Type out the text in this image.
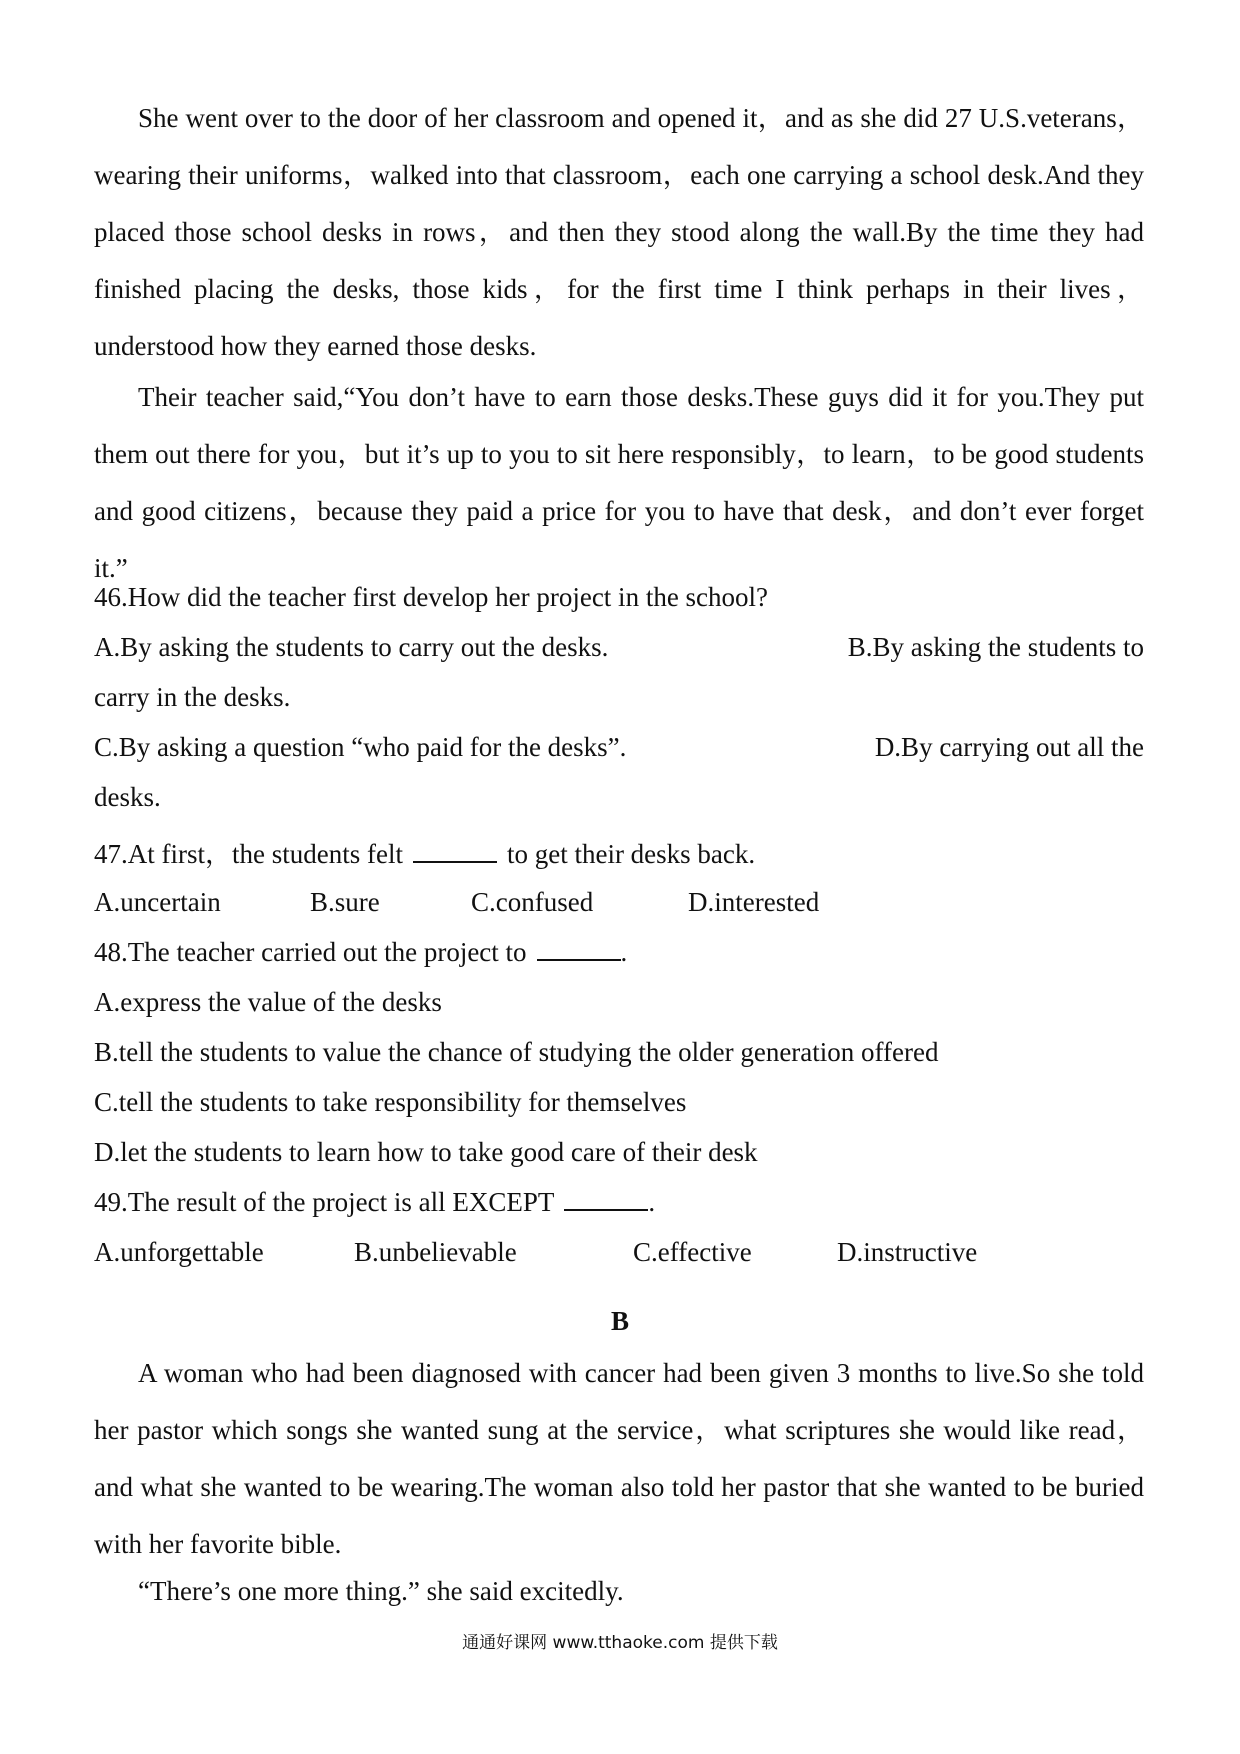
She went over to the door of her classroom and opened it，and as she did 27 U.S.veterans，wearing their uniforms，walked into that classroom，each one carrying a school desk.And they placed those school desks in rows，and then they stood along the wall.By the time they had finished placing the desks, those kids，for the first time I think perhaps in their lives，understood how they earned those desks.

Their teacher said,“You don’t have to earn those desks.These guys did it for you.They put them out there for you，but it’s up to you to sit here responsibly，to learn，to be good students and good citizens，because they paid a price for you to have that desk，and don’t ever forget it.”

46.How did the teacher first develop her project in the school?
A.By asking the students to carry out the desks.	B.By asking the students to
carry in the desks.
C.By asking a question “who paid for the desks”.	D.By carrying out all the
desks.
47.At first，the students felt	to get their desks back.
A.uncertain	B.sure	C.confused	D.interested
48.The teacher carried out the project to	.
A.express the value of the desks
B.tell the students to value the chance of studying the older generation offered
C.tell the students to take responsibility for themselves
D.let the students to learn how to take good care of their desk
49.The result of the project is all EXCEPT	.
A.unforgettable	B.unbelievable	C.effective	D.instructive
B

A woman who had been diagnosed with cancer had been given 3 months to live.So she told her pastor which songs she wanted sung at the service，what scriptures she would like read，and what she wanted to be wearing.The woman also told her pastor that she wanted to be buried with her favorite bible.

“There’s one more thing.” she said excitedly.
通通好课网 www.tthaoke.com 提供下载
